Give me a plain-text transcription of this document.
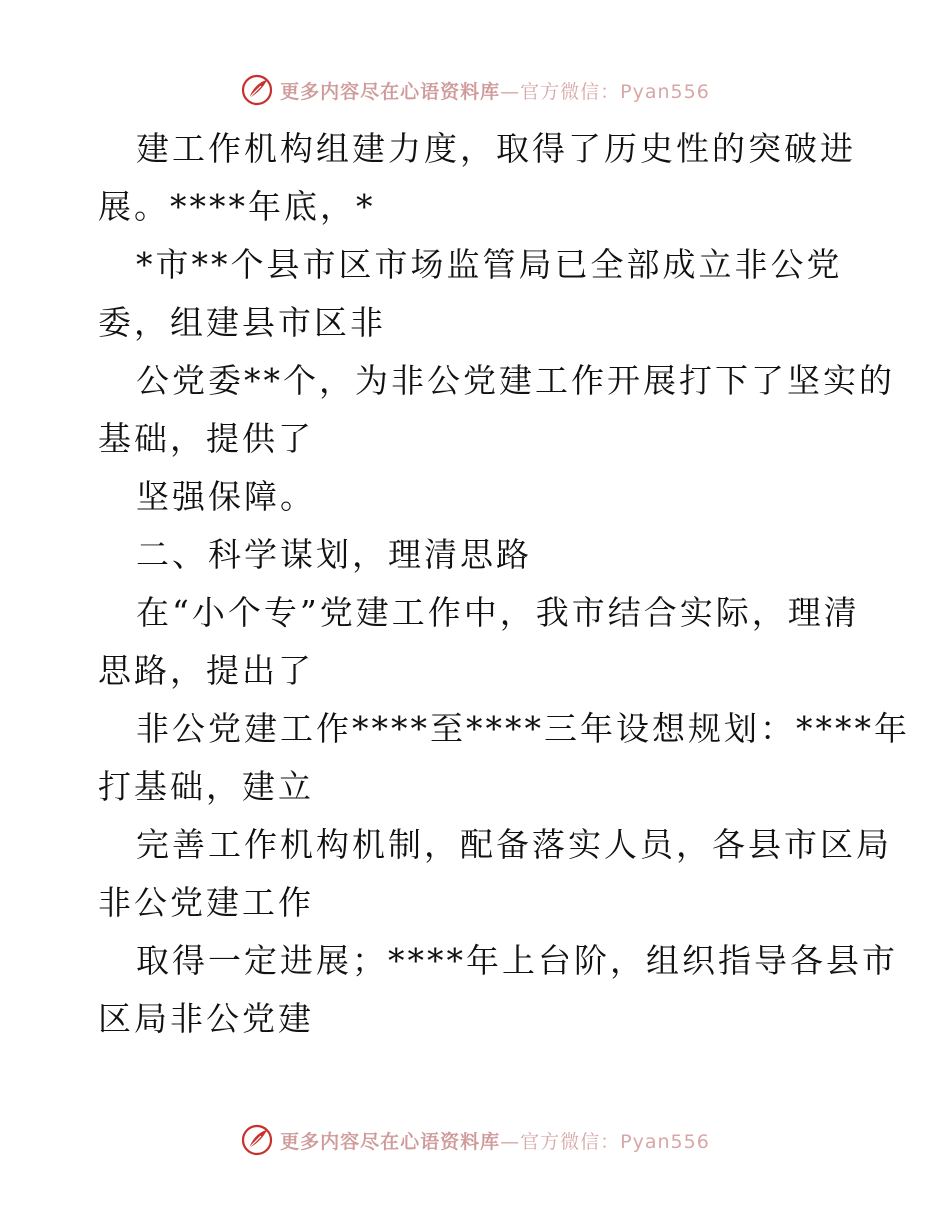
更多内容尽在心语资料库—官方微信：Pyan556
建工作机构组建力度，取得了历史性的突破进
展。****年底，*
*市**个县市区市场监管局已全部成立非公党
委，组建县市区非
公党委**个，为非公党建工作开展打下了坚实的
基础，提供了
坚强保障。
二、科学谋划，理清思路
在“小个专”党建工作中，我市结合实际，理清
思路，提出了
非公党建工作****至****三年设想规划：****年
打基础，建立
完善工作机构机制，配备落实人员，各县市区局
非公党建工作
取得一定进展；****年上台阶，组织指导各县市
区局非公党建
更多内容尽在心语资料库—官方微信：Pyan556
